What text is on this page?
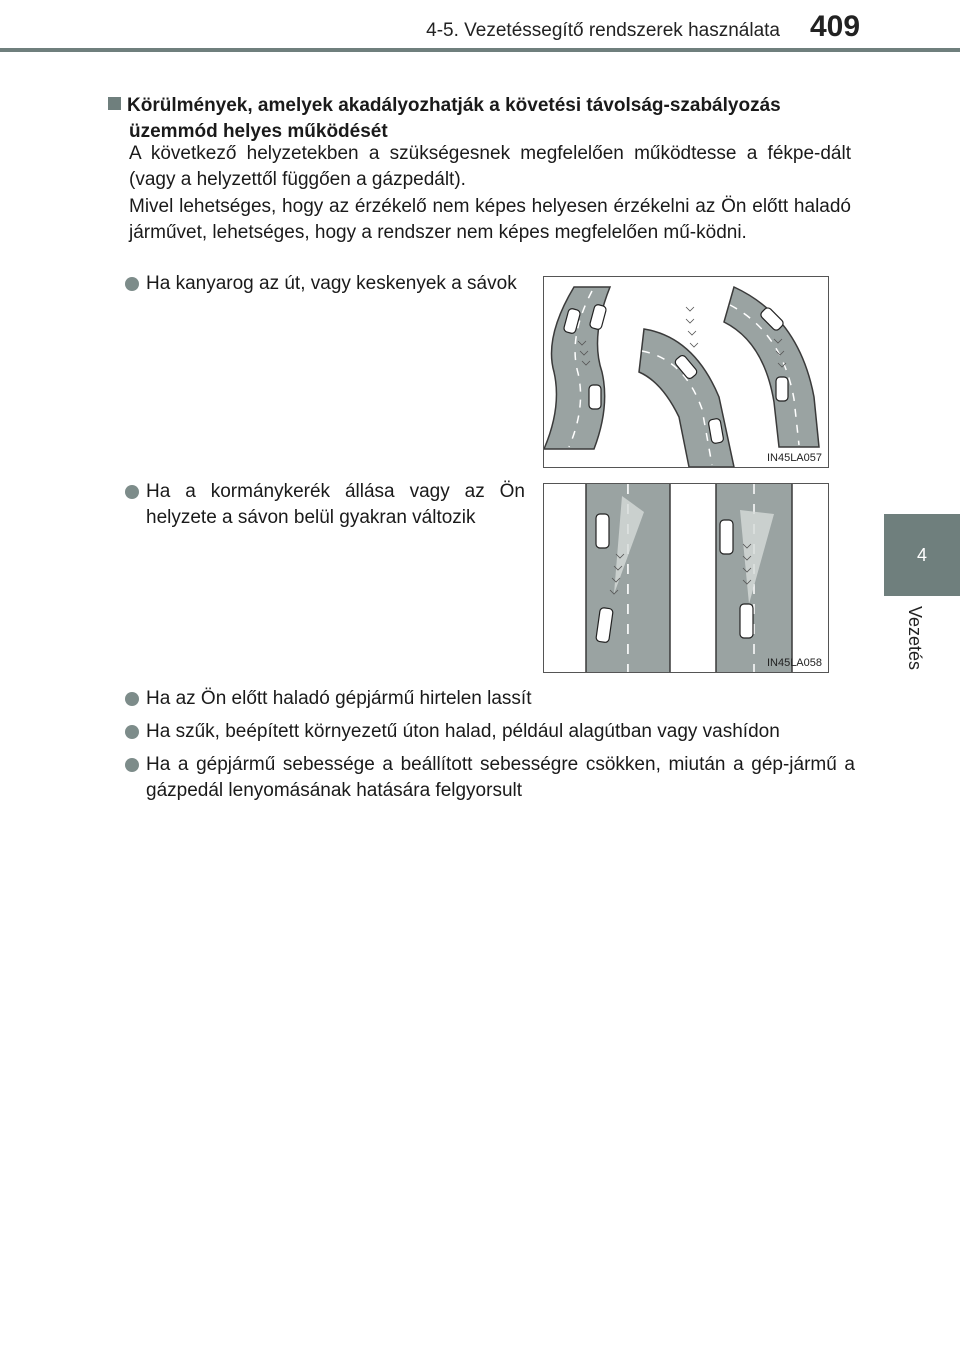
4-5. Vezetéssegítő rendszerek használata 409
4
Vezetés
Körülmények, amelyek akadályozhatják a követési távolság-szabályozás
üzemmód helyes működését

A következő helyzetekben a szükségesnek megfelelően működtesse a fékpe-dált (vagy a helyzettől függően a gázpedált).

Mivel lehetséges, hogy az érzékelő nem képes helyesen érzékelni az Ön előtt haladó járművet, lehetséges, hogy a rendszer nem képes megfelelően mű-ködni.

Ha kanyarog az út, vagy keskenyek a sávok
IN45LA057
Ha a kormánykerék állása vagy az Ön helyzete a sávon belül gyakran változik
IN45LA058
Ha az Ön előtt haladó gépjármű hirtelen lassít
Ha szűk, beépített környezetű úton halad, például alagútban vagy vashídon
Ha a gépjármű sebessége a beállított sebességre csökken, miután a gép-jármű a gázpedál lenyomásának hatására felgyorsult
